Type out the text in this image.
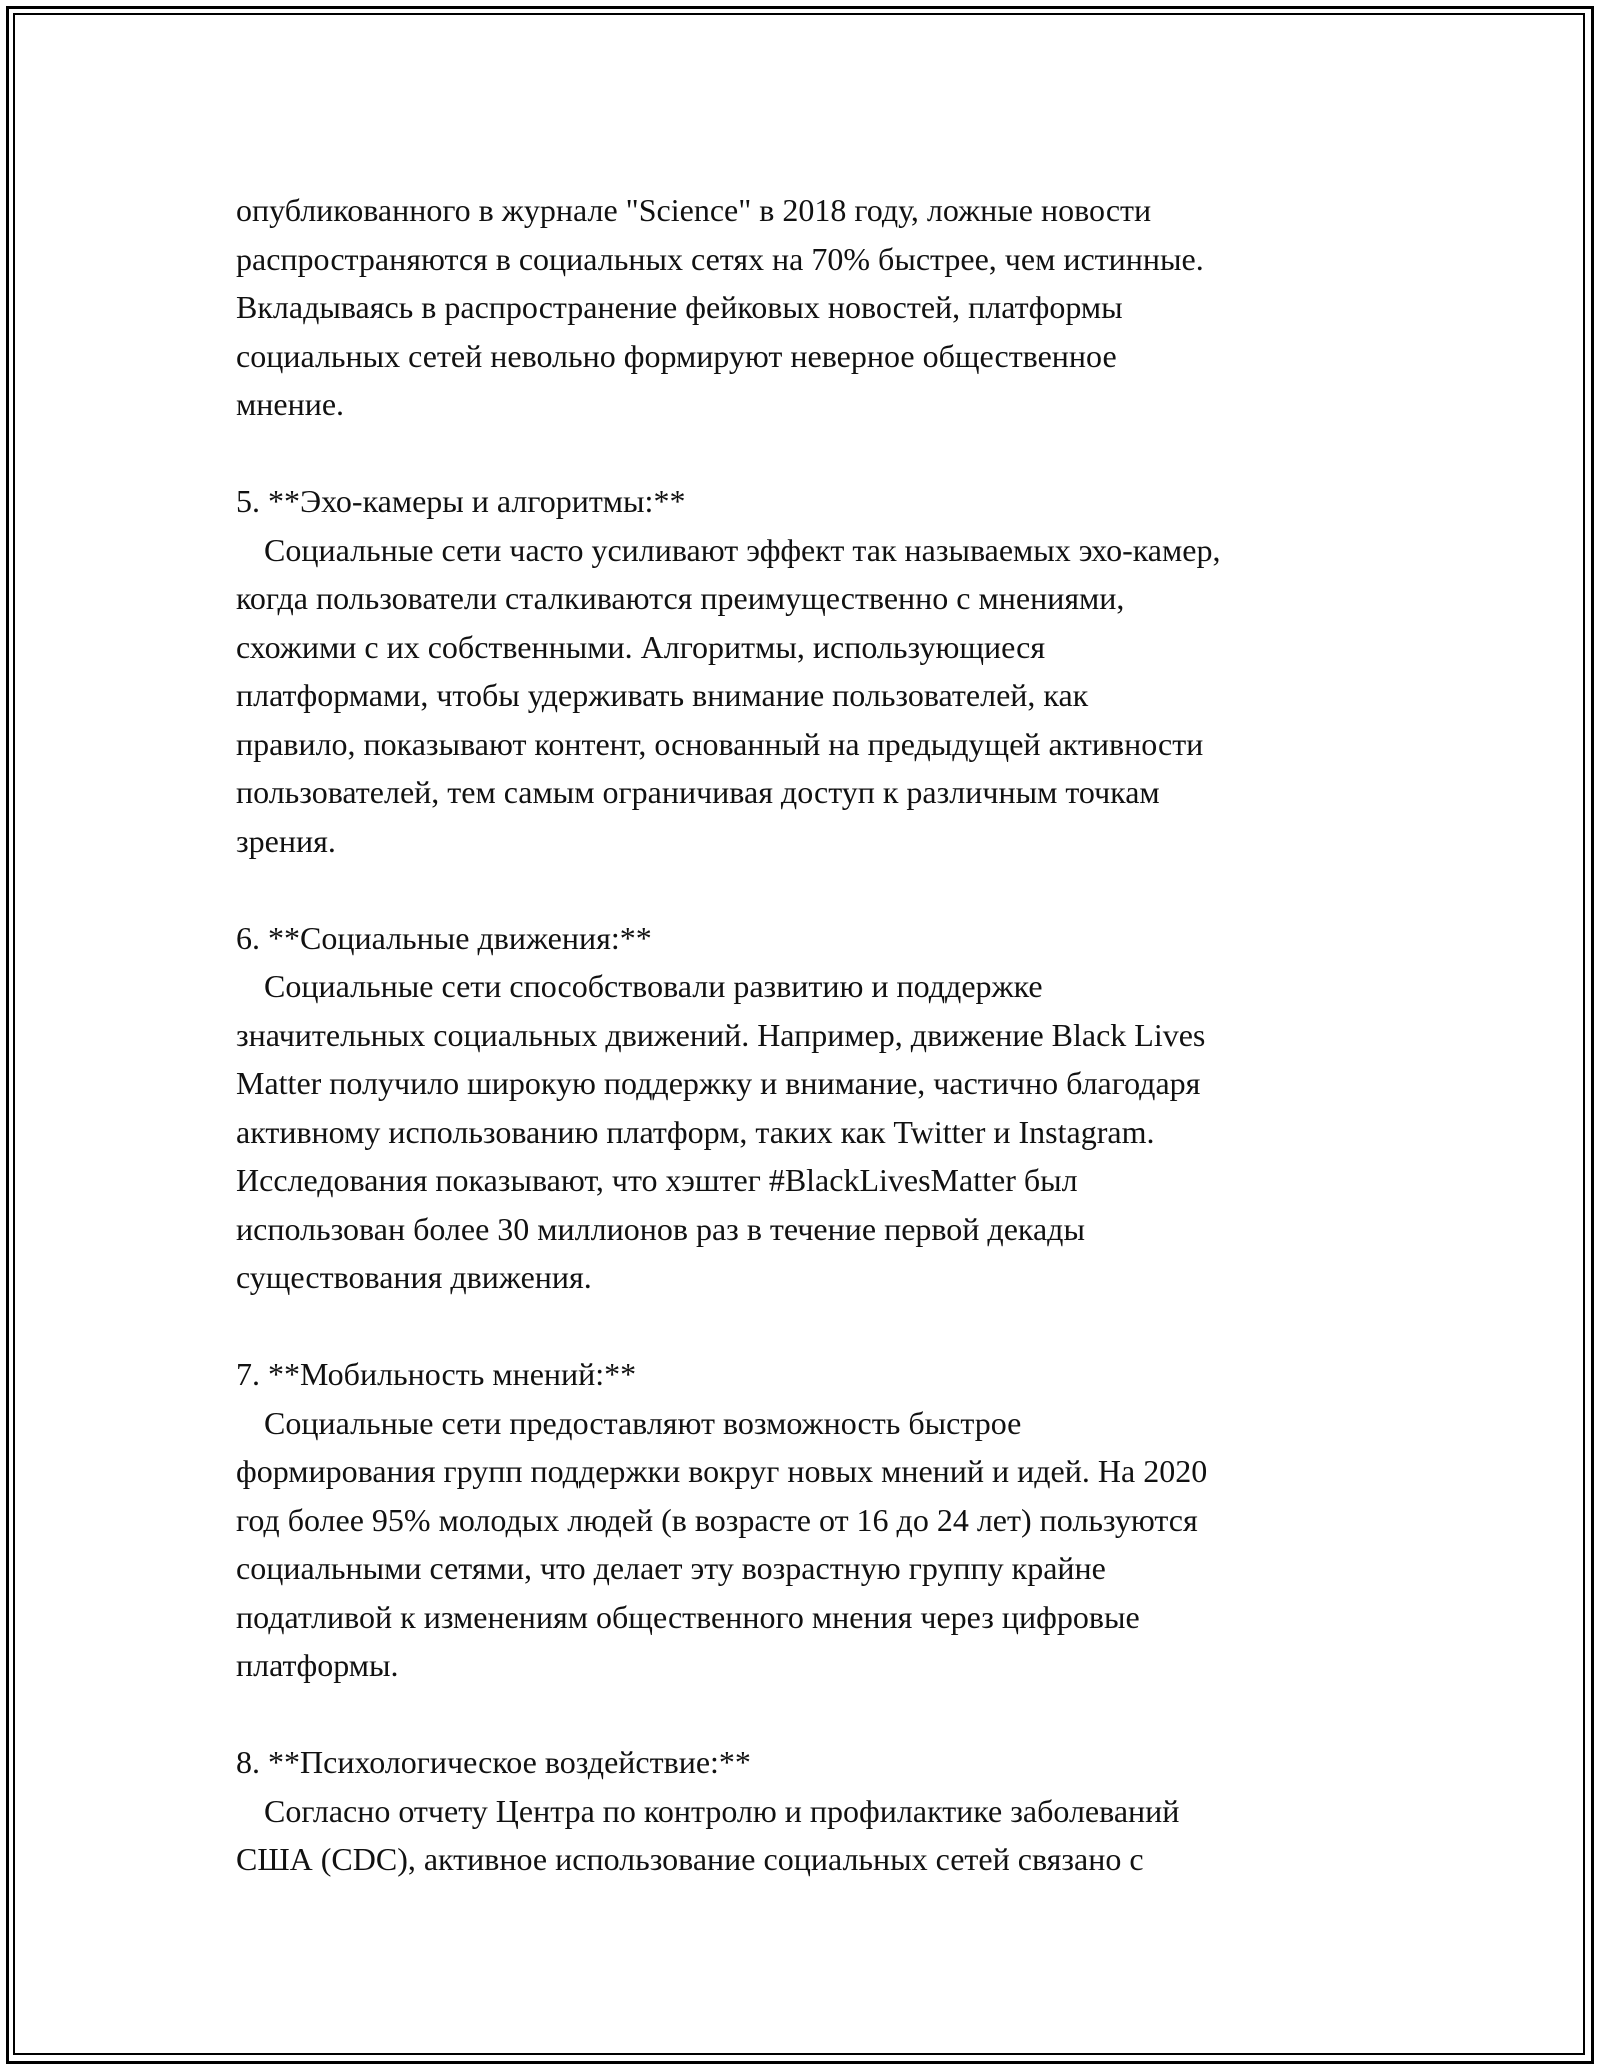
опубликованного в журнале "Science" в 2018 году, ложные новости
распространяются в социальных сетях на 70% быстрее, чем истинные.
Вкладываясь в распространение фейковых новостей, платформы
социальных сетей невольно формируют неверное общественное
мнение.
5. **Эхо-камеры и алгоритмы:**
Социальные сети часто усиливают эффект так называемых эхо-камер,
когда пользователи сталкиваются преимущественно с мнениями,
схожими с их собственными. Алгоритмы, использующиеся
платформами, чтобы удерживать внимание пользователей, как
правило, показывают контент, основанный на предыдущей активности
пользователей, тем самым ограничивая доступ к различным точкам
зрения.
6. **Социальные движения:**
Социальные сети способствовали развитию и поддержке
значительных социальных движений. Например, движение Black Lives
Matter получило широкую поддержку и внимание, частично благодаря
активному использованию платформ, таких как Twitter и Instagram.
Исследования показывают, что хэштег #BlackLivesMatter был
использован более 30 миллионов раз в течение первой декады
существования движения.
7. **Мобильность мнений:**
Социальные сети предоставляют возможность быстрое
формирования групп поддержки вокруг новых мнений и идей. На 2020
год более 95% молодых людей (в возрасте от 16 до 24 лет) пользуются
социальными сетями, что делает эту возрастную группу крайне
податливой к изменениям общественного мнения через цифровые
платформы.
8. **Психологическое воздействие:**
Согласно отчету Центра по контролю и профилактике заболеваний
США (CDC), активное использование социальных сетей связано с
